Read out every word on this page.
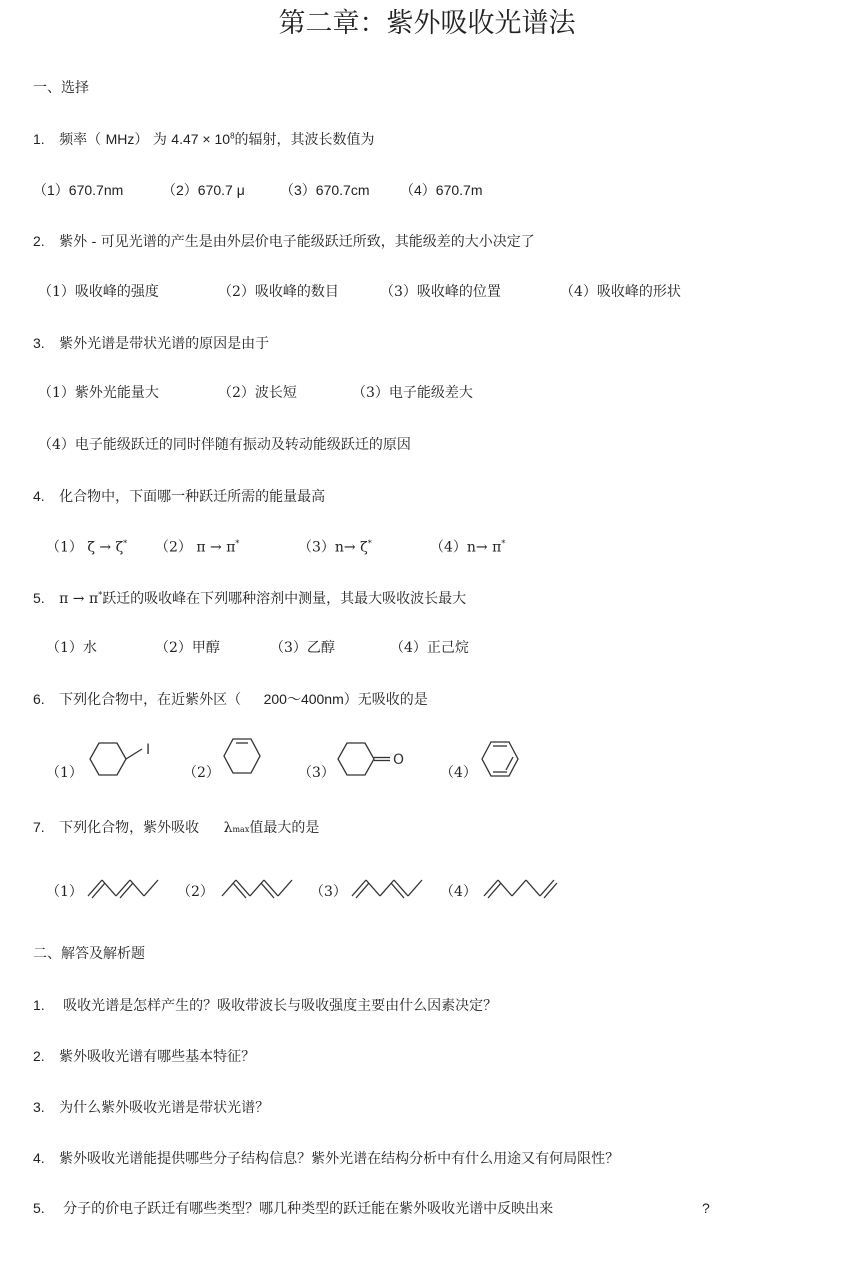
第二章：紫外吸收光谱法
一、选择
1. 频率（ MHz） 为 $4.47 \times 10^8$的辐射，其波长数值为
（1）670.7nm	（2）670.7 μ	（3）670.7cm （4）670.7m
2. 紫外 - 可见光谱的产生是由外层价电子能级跃迁所致，其能级差的大小决定了
（1）吸收峰的强度	（2）吸收峰的数目	（3）吸收峰的位置	（4）吸收峰的形状
3. 紫外光谱是带状光谱的原因是由于
（1）紫外光能量大	（2）波长短	（3）电子能级差大
（4）电子能级跃迁的同时伴随有振动及转动能级跃迁的原因
4. 化合物中，下面哪一种跃迁所需的能量最高
（1） ζ → ζ* （2） π → π*	（3）n→ ζ*	（4）n→ π*
5. π → π*跃迁的吸收峰在下列哪种溶剂中测量，其最大吸收波长最大
（1）水	（2）甲醇	（3）乙醇	（4）正己烷
6. 下列化合物中，在近紫外区（ 200～400nm）无吸收的是
（1）
I
（2）	（3）
O
（4）
7. 下列化合物，紫外吸收 λmax值最大的是
（1）	（2）	（3）	（4）
二、解答及解析题
1. 吸收光谱是怎样产生的？吸收带波长与吸收强度主要由什么因素决定？
2. 紫外吸收光谱有哪些基本特征？
3. 为什么紫外吸收光谱是带状光谱？
4. 紫外吸收光谱能提供哪些分子结构信息？紫外光谱在结构分析中有什么用途又有何局限性？
5. 分子的价电子跃迁有哪些类型？哪几种类型的跃迁能在紫外吸收光谱中反映出来	?
